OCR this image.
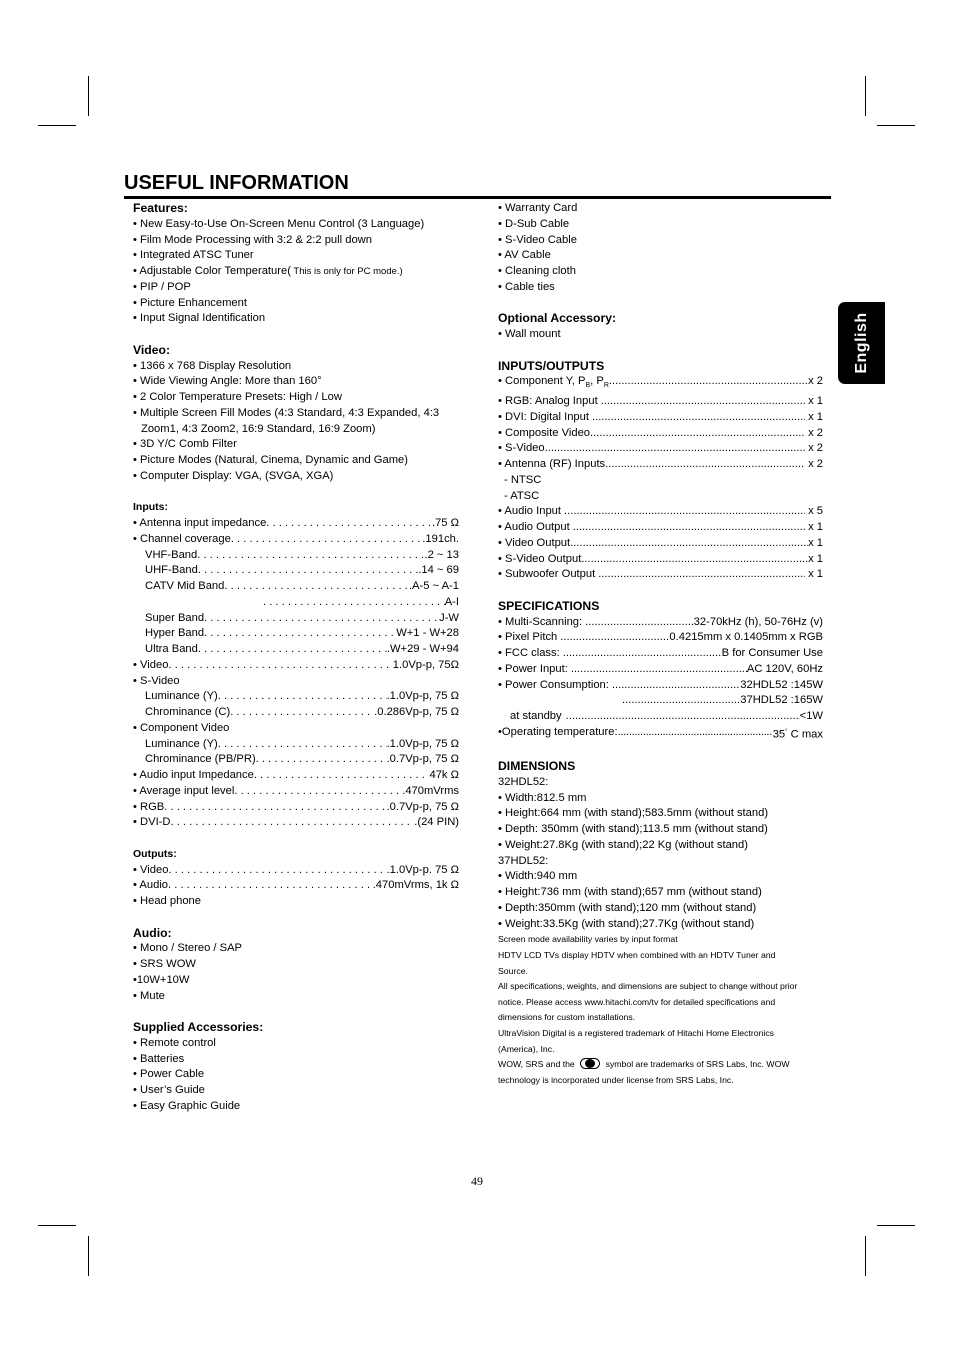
USEFUL INFORMATION
English
Features:
• New Easy-to-Use On-Screen Menu Control (3 Language)
• Film Mode Processing with 3:2 & 2:2 pull down
• Integrated ATSC Tuner
• Adjustable Color Temperature( This is only for PC mode.)
• PIP / POP
• Picture Enhancement
• Input Signal Identification
Video:
• 1366 x 768 Display Resolution
• Wide Viewing Angle: More than 160°
• 2 Color Temperature Presets: High / Low
• Multiple Screen Fill Modes (4:3 Standard, 4:3 Expanded, 4:3
Zoom1, 4:3 Zoom2, 16:9 Standard, 16:9 Zoom)
• 3D Y/C Comb Filter
• Picture Modes (Natural, Cinema, Dynamic and Game)
• Computer Display: VGA, (SVGA, XGA)
Inputs:
• Antenna input impedance . . .	.75 Ω
• Channel coverage . . .	.191ch.
VHF-Band . . .	.2 ~ 13
UHF-Band . . .	.14 ~ 69
CATV Mid Band . . .	.A-5 ~ A-1
. . .
A-I
Super Band . . .	J-W
Hyper Band . . .	W+1 - W+28
Ultra Band . . .	.W+29 - W+94
• Video . . .	1.0Vp-p, 75Ω
• S-Video
Luminance (Y) . . .	.1.0Vp-p, 75 Ω
Chrominance (C) . . .	.0.286Vp-p, 75 Ω
• Component Video
Luminance (Y) . . .	.1.0Vp-p, 75 Ω
Chrominance (PB/PR) . . .	.0.7Vp-p, 75 Ω
• Audio input Impedance . . .	47k Ω
• Average input level . . .	.470mVrms
• RGB . . .	.0.7Vp-p, 75 Ω
• DVI-D . . .	.(24 PIN)
Outputs:
• Video . . .	.1.0Vp-p. 75 Ω
• Audio . . .	.470mVrms, 1k Ω
• Head phone
Audio:
• Mono / Stereo / SAP
• SRS WOW
•10W+10W
• Mute
Supplied Accessories:
• Remote control
• Batteries
• Power Cable
• User’s Guide
• Easy Graphic Guide
• Warranty Card
• D-Sub Cable
• S-Video Cable
• AV Cable
• Cleaning cloth
• Cable ties
Optional Accessory:
• Wall mount
INPUTS/OUTPUTS
• Component Y, $P_B$, $P_R$ .....	x 2
• RGB: Analog Input .....	x 1
• DVI: Digital Input .....	x 1
• Composite Video .....	x 2
• S-Video .....	x 2
• Antenna (RF) Inputs .....	x 2
- NTSC
- ATSC
• Audio Input .....	x 5
• Audio Output .....	x 1
• Video Output .....	x 1
• S-Video Output .....	x 1
• Subwoofer Output .....	x 1
SPECIFICATIONS
• Multi-Scanning: .....	32-70kHz (h), 50-76Hz (v)
• Pixel Pitch .....	0.4215mm x 0.1405mm x RGB
• FCC class: .....	B for Consumer Use
• Power Input: .....	AC 120V, 60Hz
• Power Consumption: .....	32HDL52 :145W
.....
37HDL52 :165W
at standby .....	<1W
•Operating temperature: .....	35° C max
DIMENSIONS
32HDL52:
• Width:812.5 mm
• Height:664 mm (with stand);583.5mm (without stand)
• Depth: 350mm (with stand);113.5 mm (without stand)
• Weight:27.8Kg (with stand);22 Kg (without stand)
37HDL52:
• Width:940 mm
• Height:736 mm (with stand);657 mm (without stand)
• Depth:350mm (with stand);120 mm (without stand)
• Weight:33.5Kg (with stand);27.7Kg (without stand)
Screen mode availability varies by input format
HDTV LCD TVs display HDTV when combined with an HDTV Tuner and
Source.
All specifications, weights, and dimensions are subject to change without prior
notice. Please access www.hitachi.com/tv for detailed specifications and
dimensions for custom installations.
UltraVision Digital is a registered trademark of Hitachi Home Electronics
(America), Inc.
WOW, SRS and the	symbol are trademarks of SRS Labs, Inc. WOW
technology is incorporated under license from SRS Labs, Inc.
49
